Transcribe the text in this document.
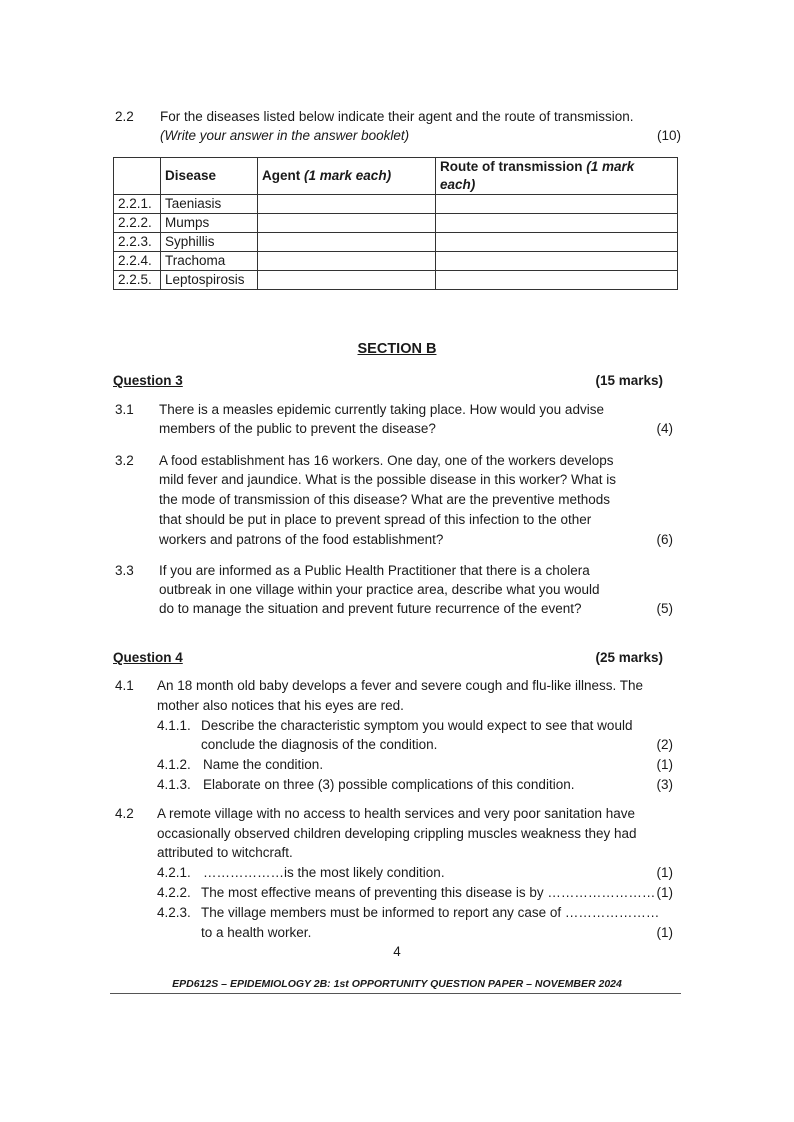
2.2 For the diseases listed below indicate their agent and the route of transmission.
(Write your answer in the answer booklet)	(10)
	Disease	Agent (1 mark each)	Route of transmission (1 mark each)
2.2.1.	Taeniasis		
2.2.2.	Mumps		
2.2.3.	Syphillis		
2.2.4.	Trachoma		
2.2.5.	Leptospirosis		
SECTION B
Question 3	(15 marks)
3.1 There is a measles epidemic currently taking place. How would you advise
members of the public to prevent the disease?	(4)
3.2 A food establishment has 16 workers. One day, one of the workers develops
mild fever and jaundice. What is the possible disease in this worker? What is
the mode of transmission of this disease? What are the preventive methods
that should be put in place to prevent spread of this infection to the other
workers and patrons of the food establishment?	(6)
3.3 If you are informed as a Public Health Practitioner that there is a cholera
outbreak in one village within your practice area, describe what you would
do to manage the situation and prevent future recurrence of the event?	(5)
Question 4	(25 marks)
4.1 An 18 month old baby develops a fever and severe cough and flu-like illness. The
mother also notices that his eyes are red.
4.1.1. Describe the characteristic symptom you would expect to see that would
conclude the diagnosis of the condition.	(2)
4.1.2. Name the condition.	(1)
4.1.3. Elaborate on three (3) possible complications of this condition.	(3)
4.2 A remote village with no access to health services and very poor sanitation have
occasionally observed children developing crippling muscles weakness they had
attributed to witchcraft.
4.2.1. ………………is the most likely condition.	(1)
4.2.2. The most effective means of preventing this disease is by …………………… (1)
4.2.3. The village members must be informed to report any case of …………………
to a health worker.	(1)
4
EPD612S – EPIDEMIOLOGY 2B: 1st OPPORTUNITY QUESTION PAPER – NOVEMBER 2024
